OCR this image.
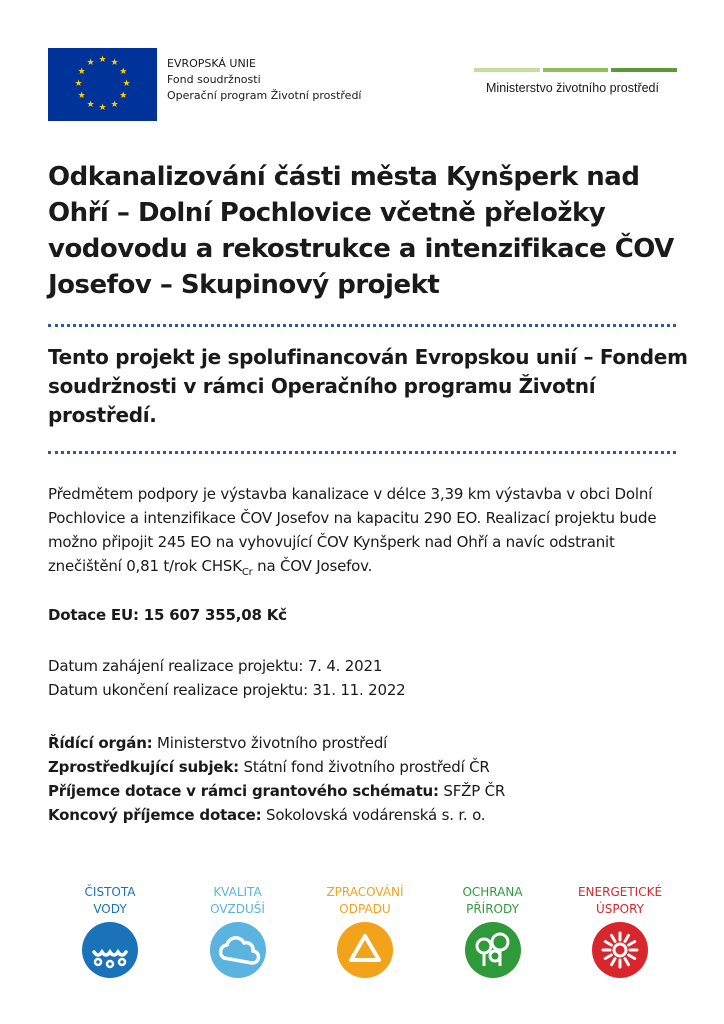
★ ★
★
★
★
★
★
★
★
★
★
★	EVROPSKÁ UNIE
Fond soudržnosti
Operační program Životní prostředí
Ministerstvo životního prostředí
Odkanalizování části města Kynšperk nad Ohří – Dolní Pochlovice včetně přeložky vodovodu a rekostrukce a intenzifikace ČOV Josefov – Skupinový projekt
Tento projekt je spolufinancován Evropskou unií – Fondem soudržnosti v rámci Operačního programu Životní prostředí.
Předmětem podpory je výstavba kanalizace v délce 3,39 km výstavba v obci Dolní Pochlovice a intenzifikace ČOV Josefov na kapacitu 290 EO. Realizací projektu bude možno připojit 245 EO na vyhovující ČOV Kynšperk nad Ohří a navíc odstranit znečištění 0,81 t/rok $CHSK_{Cr}$ na ČOV Josefov.
Dotace EU: 15 607 355,08 Kč

Datum zahájení realizace projektu: 7. 4. 2021

Datum ukončení realizace projektu: 31. 11. 2022

Řídící orgán: Ministerstvo životního prostředí

Zprostředkující subjek: Státní fond životního prostředí ČR

Příjemce dotace v rámci grantového schématu: SFŽP ČR

Koncový příjemce dotace: Sokolovská vodárenská s. r. o.

ČISTOTA
VODY
KVALITA
OVZDUŠÍ
ZPRACOVÁNÍ
ODPADU
OCHRANA
PŘÍRODY
ENERGETICKÉ
ÚSPORY
